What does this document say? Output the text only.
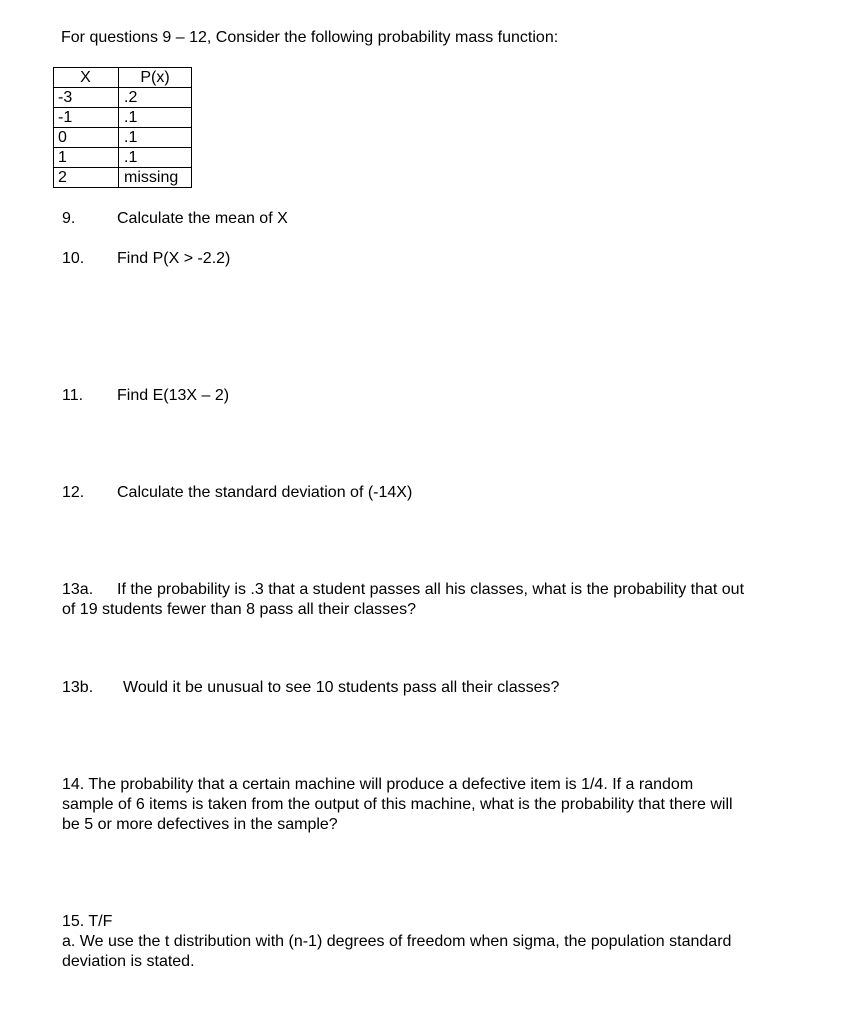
For questions 9 – 12, Consider the following probability mass function:
X	P(x)
-3	.2
-1	.1
0	.1
1	.1
2	missing
9.	Calculate the mean of X
10. Find P(X > -2.2)
11. Find E(13X – 2)
12. Calculate the standard deviation of (-14X)
13a. If the probability is .3 that a student passes all his classes, what is the probability that out
of 19 students fewer than 8 pass all their classes?
13b. Would it be unusual to see 10 students pass all their classes?
14. The probability that a certain machine will produce a defective item is 1/4. If a random
sample of 6 items is taken from the output of this machine, what is the probability that there will
be 5 or more defectives in the sample?
15. T/F
a. We use the t distribution with (n-1) degrees of freedom when sigma, the population standard
deviation is stated.
